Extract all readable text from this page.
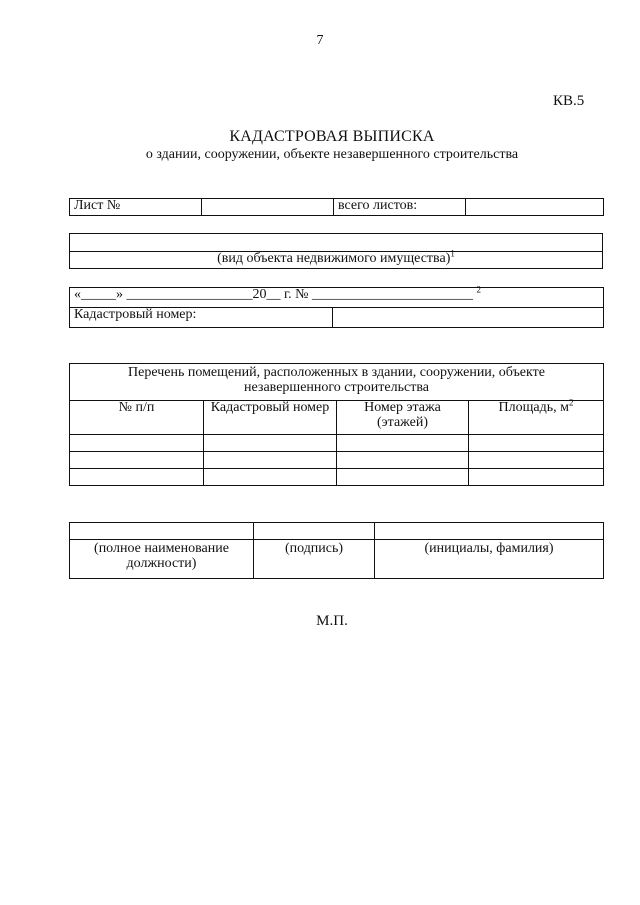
7
КВ.5
КАДАСТРОВАЯ ВЫПИСКА
о здании, сооружении, объекте незавершенного строительства
Лист №		всего листов:	

(вид объекта недвижимого имущества)$^1$
«_____» __________________20__ г. № _______________________ $^2$
Кадастровый номер:	
Перечень помещений, расположенных в здании, сооружении, объекте незавершенного строительства			
№ п/п	Кадастровый номер	Номер этажа (этажей)	Площадь, $м^2$

(полное наименование должности)	(подпись)	(инициалы, фамилия)
М.П.
